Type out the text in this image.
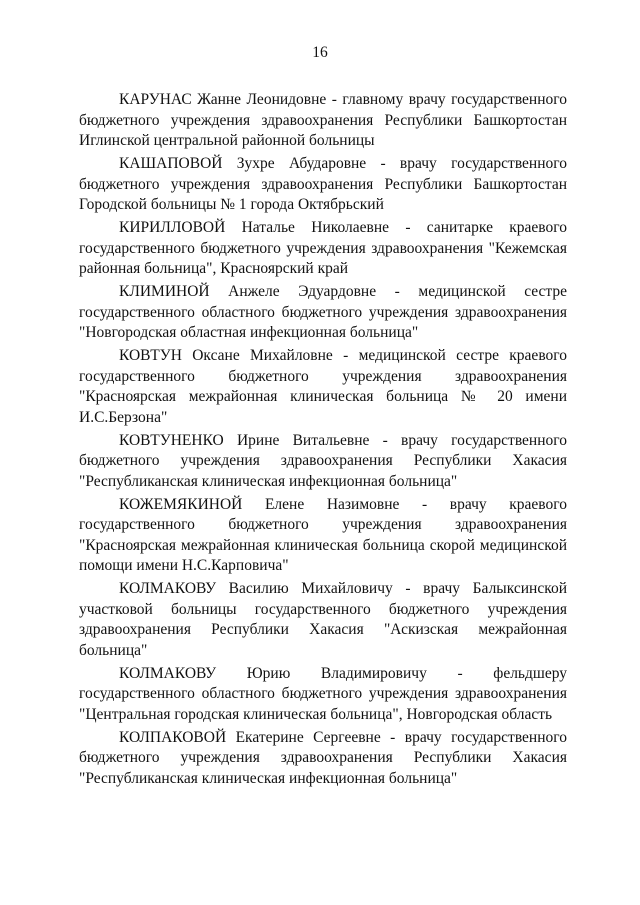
16

КАРУНАС Жанне Леонидовне - главному врачу государственного бюджетного учреждения здравоохранения Республики Башкортостан Иглинской центральной районной больницы

КАШАПОВОЙ Зухре Абударовне - врачу государственного бюджетного учреждения здравоохранения Республики Башкортостан Городской больницы № 1 города Октябрьский

КИРИЛЛОВОЙ Наталье Николаевне - санитарке краевого государственного бюджетного учреждения здравоохранения "Кежемская районная больница", Красноярский край

КЛИМИНОЙ Анжеле Эдуардовне - медицинской сестре государственного областного бюджетного учреждения здравоохранения "Новгородская областная инфекционная больница"

КОВТУН Оксане Михайловне - медицинской сестре краевого государственного бюджетного учреждения здравоохранения "Красноярская межрайонная клиническая больница № 20 имени И.С.Берзона"

КОВТУНЕНКО Ирине Витальевне - врачу государственного бюджетного учреждения здравоохранения Республики Хакасия "Республиканская клиническая инфекционная больница"

КОЖЕМЯКИНОЙ Елене Назимовне - врачу краевого государственного бюджетного учреждения здравоохранения "Красноярская межрайонная клиническая больница скорой медицинской помощи имени Н.С.Карповича"

КОЛМАКОВУ Василию Михайловичу - врачу Балыксинской участковой больницы государственного бюджетного учреждения здравоохранения Республики Хакасия "Аскизская межрайонная больница"

КОЛМАКОВУ Юрию Владимировичу - фельдшеру государственного областного бюджетного учреждения здравоохранения "Центральная городская клиническая больница", Новгородская область

КОЛПАКОВОЙ Екатерине Сергеевне - врачу государственного бюджетного учреждения здравоохранения Республики Хакасия "Республиканская клиническая инфекционная больница"
